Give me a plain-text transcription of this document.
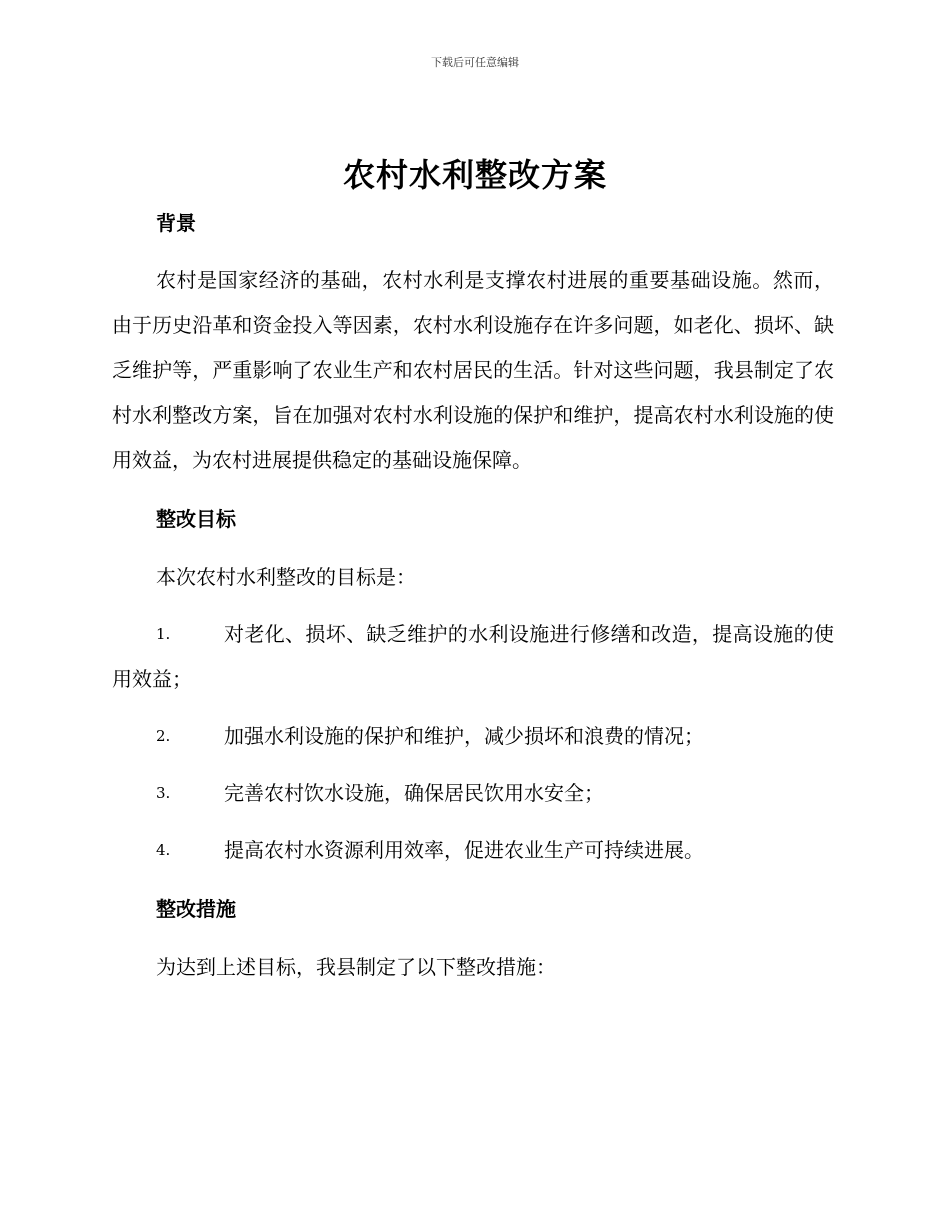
下载后可任意编辑
农村水利整改方案
背景

农村是国家经济的基础，农村水利是支撑农村进展的重要基础设施。然而，由于历史沿革和资金投入等因素，农村水利设施存在许多问题，如老化、损坏、缺乏维护等，严重影响了农业生产和农村居民的生活。针对这些问题，我县制定了农村水利整改方案，旨在加强对农村水利设施的保护和维护，提高农村水利设施的使用效益，为农村进展提供稳定的基础设施保障。

整改目标

本次农村水利整改的目标是：

1.	对老化、损坏、缺乏维护的水利设施进行修缮和改造，提高设施的使用效益；
2.	加强水利设施的保护和维护，减少损坏和浪费的情况；
3.	完善农村饮水设施，确保居民饮用水安全；
4.	提高农村水资源利用效率，促进农业生产可持续进展。
整改措施

为达到上述目标，我县制定了以下整改措施：
